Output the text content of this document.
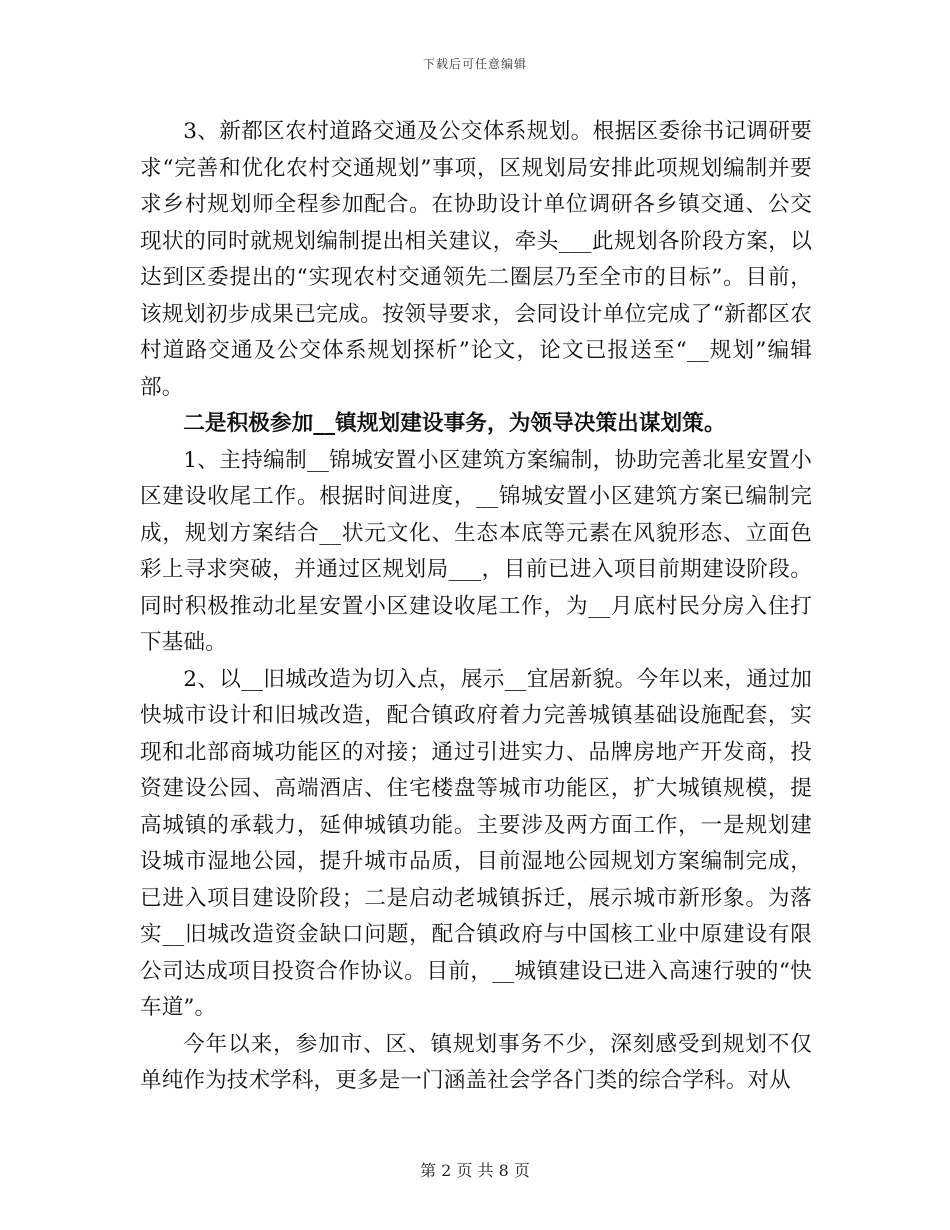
下载后可任意编辑

3、新都区农村道路交通及公交体系规划。根据区委徐书记调研要求“完善和优化农村交通规划”事项，区规划局安排此项规划编制并要求乡村规划师全程参加配合。在协助设计单位调研各乡镇交通、公交现状的同时就规划编制提出相关建议，牵头___此规划各阶段方案，以达到区委提出的“实现农村交通领先二圈层乃至全市的目标”。目前，该规划初步成果已完成。按领导要求，会同设计单位完成了“新都区农村道路交通及公交体系规划探析”论文，论文已报送至“__规划”编辑部。

二是积极参加__镇规划建设事务，为领导决策出谋划策。

1、主持编制__锦城安置小区建筑方案编制，协助完善北星安置小区建设收尾工作。根据时间进度，__锦城安置小区建筑方案已编制完成，规划方案结合__状元文化、生态本底等元素在风貌形态、立面色彩上寻求突破，并通过区规划局___，目前已进入项目前期建设阶段。同时积极推动北星安置小区建设收尾工作，为__月底村民分房入住打下基础。

2、以__旧城改造为切入点，展示__宜居新貌。今年以来，通过加快城市设计和旧城改造，配合镇政府着力完善城镇基础设施配套，实现和北部商城功能区的对接；通过引进实力、品牌房地产开发商，投资建设公园、高端酒店、住宅楼盘等城市功能区，扩大城镇规模，提高城镇的承载力，延伸城镇功能。主要涉及两方面工作，一是规划建设城市湿地公园，提升城市品质，目前湿地公园规划方案编制完成，已进入项目建设阶段；二是启动老城镇拆迁，展示城市新形象。为落实__旧城改造资金缺口问题，配合镇政府与中国核工业中原建设有限公司达成项目投资合作协议。目前，__城镇建设已进入高速行驶的“快车道”。

今年以来，参加市、区、镇规划事务不少，深刻感受到规划不仅单纯作为技术学科，更多是一门涵盖社会学各门类的综合学科。对从

第 2 页 共 8 页
